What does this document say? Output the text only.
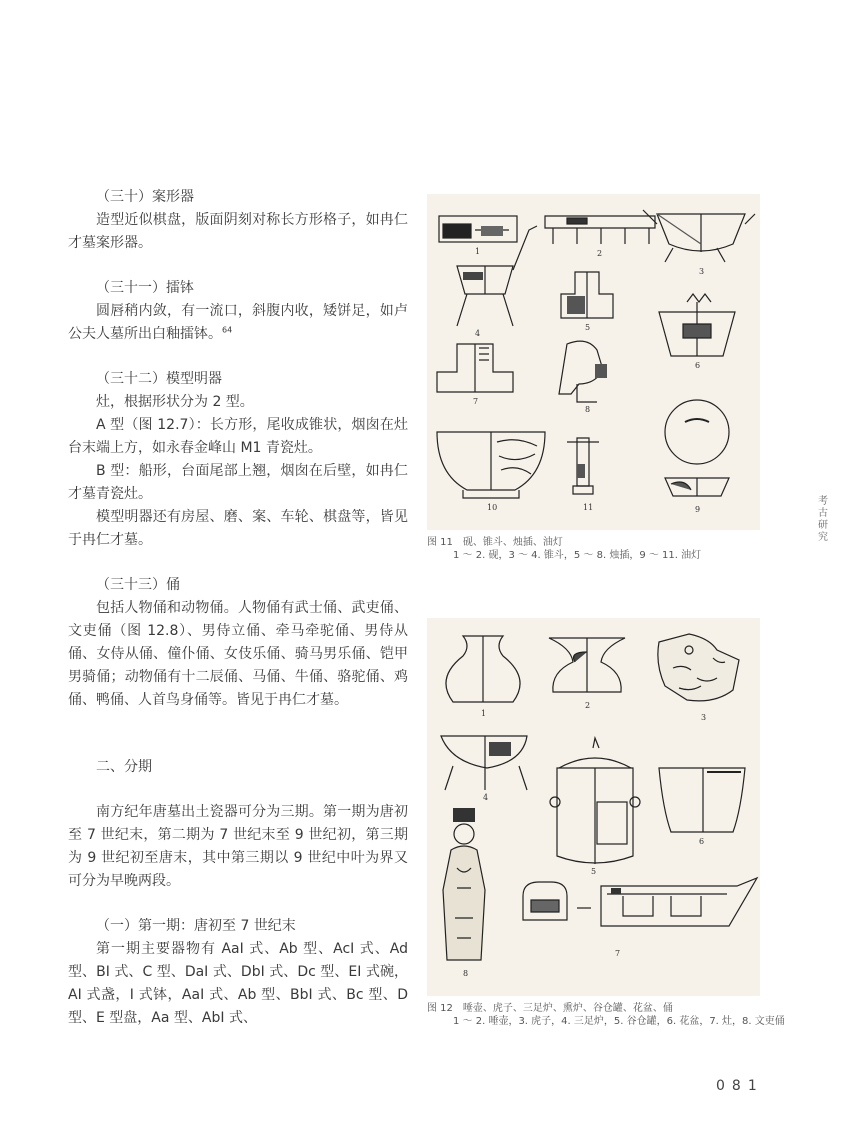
（三十）案形器

造型近似棋盘，版面阴刻对称长方形格子，如冉仁才墓案形器。

（三十一）擂钵

圆唇稍内敛，有一流口，斜腹内收，矮饼足，如卢公夫人墓所出白釉擂钵。$^{64}$

（三十二）模型明器

灶，根据形状分为 2 型。

A 型（图 12.7）：长方形，尾收成锥状，烟囱在灶台末端上方，如永春金峰山 M1 青瓷灶。

B 型：船形，台面尾部上翘，烟囱在后壁，如冉仁才墓青瓷灶。

模型明器还有房屋、磨、案、车轮、棋盘等，皆见于冉仁才墓。

（三十三）俑

包括人物俑和动物俑。人物俑有武士俑、武吏俑、文吏俑（图 12.8）、男侍立俑、牵马牵驼俑、男侍从俑、女侍从俑、僮仆俑、女伎乐俑、骑马男乐俑、铠甲男骑俑；动物俑有十二辰俑、马俑、牛俑、骆驼俑、鸡俑、鸭俑、人首鸟身俑等。皆见于冉仁才墓。

二、分期

南方纪年唐墓出土瓷器可分为三期。第一期为唐初至 7 世纪末，第二期为 7 世纪末至 9 世纪初，第三期为 9 世纪初至唐末，其中第三期以 9 世纪中叶为界又可分为早晚两段。

（一）第一期：唐初至 7 世纪末

第一期主要器物有 AaI 式、Ab 型、AcI 式、Ad 型、BI 式、C 型、DaI 式、DbI 式、Dc 型、EI 式碗，AI 式盏，I 式钵，AaI 式、Ab 型、BbI 式、Bc 型、D 型、E 型盘，Aa 型、AbI 式、

1	2
3
4
5
6
7
8
9
10	11
图 11　砚、锥斗、烛插、油灯
1 ～ 2. 砚，3 ～ 4. 锥斗，5 ～ 8. 烛插，9 ～ 11. 油灯
1
2
3
4
5
6
7
8
图 12　唾壶、虎子、三足炉、熏炉、谷仓罐、花盆、俑
1 ～ 2. 唾壶，3. 虎子，4. 三足炉，5. 谷仓罐，6. 花盆，7. 灶，8. 文吏俑
考古研究
081
